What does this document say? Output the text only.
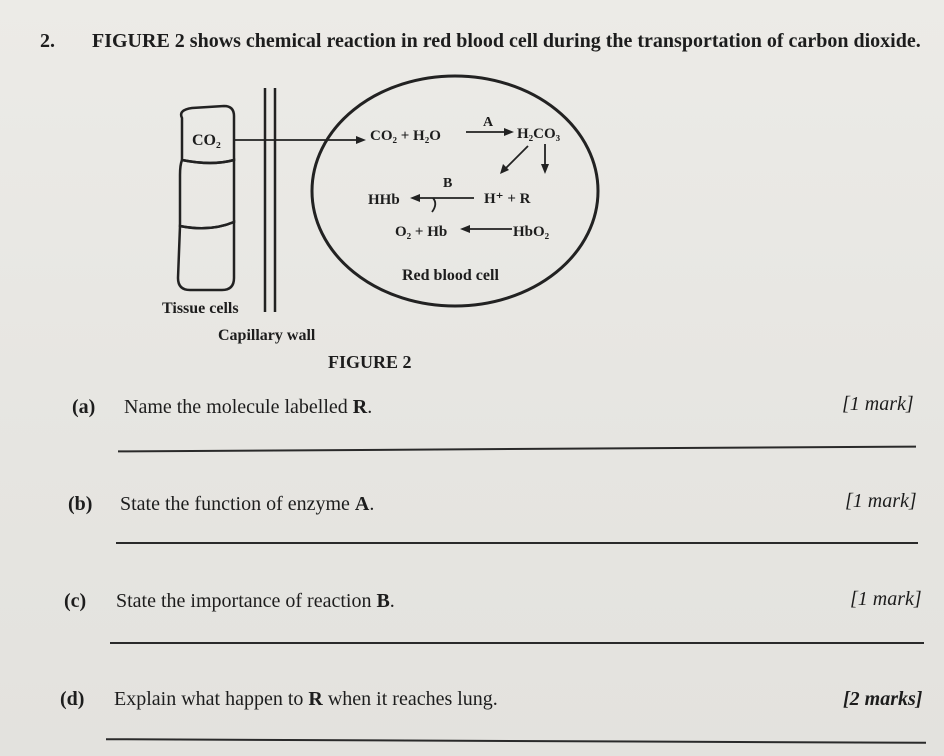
2. FIGURE 2 shows chemical reaction in red blood cell during the transportation of carbon dioxide.
CO₂
Tissue cells
Capillary wall
Red blood cell
CO₂ + H₂O
A
H₂CO₃
HHb
B
H⁺ + R
O₂ + Hb	HbO₂
FIGURE 2
(a) Name the molecule labelled R.	[1 mark]
(b) State the function of enzyme A.	[1 mark]
(c) State the importance of reaction B.	[1 mark]
(d) Explain what happen to R when it reaches lung.	[2 marks]
